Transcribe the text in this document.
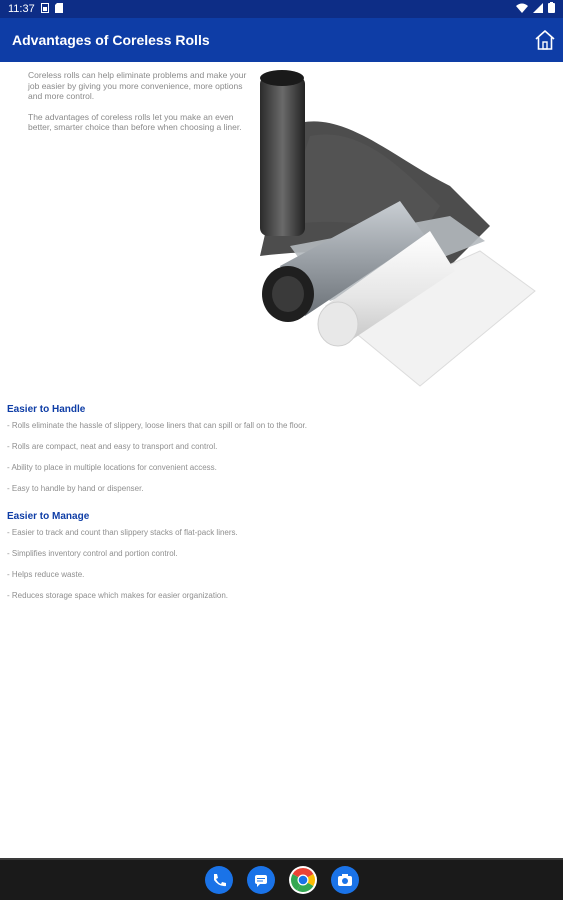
11:37
Advantages of Coreless Rolls

Coreless rolls can help eliminate problems and make your job easier by giving you more convenience, more options and more control.

The advantages of coreless rolls let you make an even better, smarter choice than before when choosing a liner.

Easier to Handle
- Rolls eliminate the hassle of slippery, loose liners that can spill or fall on to the floor.
- Rolls are compact, neat and easy to transport and control.
- Ability to place in multiple locations for convenient access.
- Easy to handle by hand or dispenser.
Easier to Manage
- Easier to track and count than slippery stacks of flat-pack liners.
- Simplifies inventory control and portion control.
- Helps reduce waste.
- Reduces storage space which makes for easier organization.
